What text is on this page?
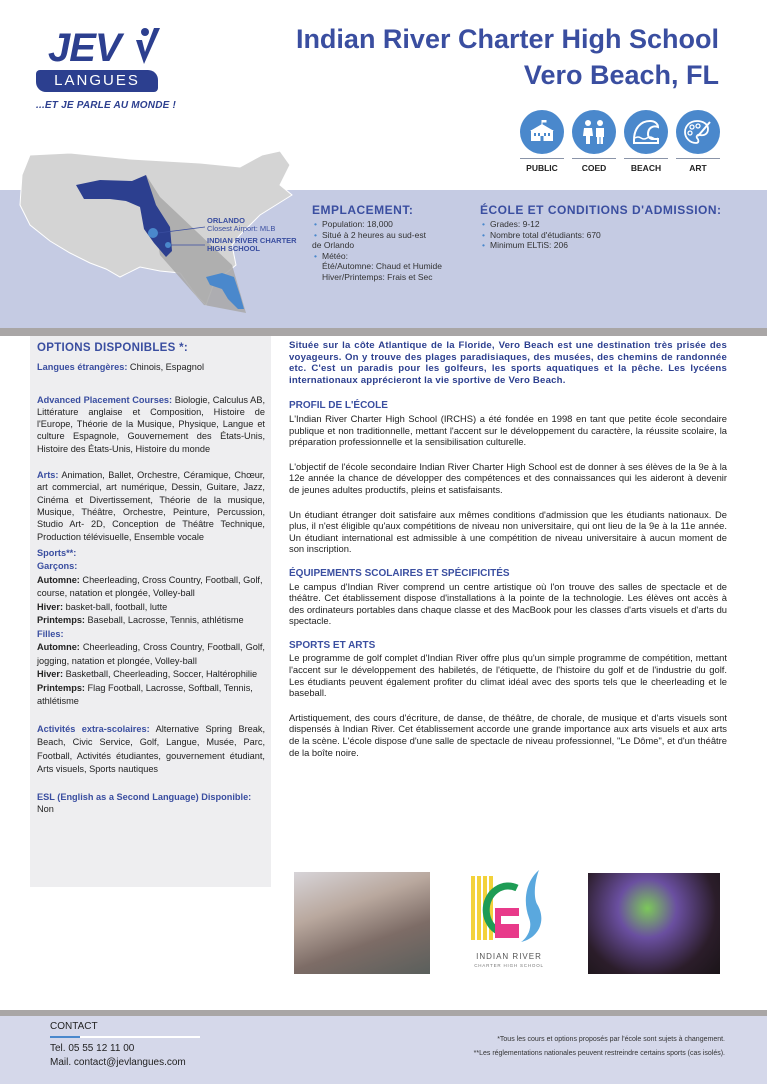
JEV
LANGUES
...ET JE PARLE AU MONDE !
Indian River Charter High School
Vero Beach, FL
PUBLIC	COED	BEACH	ART
ORLANDO
Closest Airport: MLB
INDIAN RIVER CHARTER
HIGH SCHOOL
EMPLACEMENT:
• Population: 18,000
• Situé à 2 heures au sud-est
de Orlando
• Météo:
Été/Automne: Chaud et Humide
Hiver/Printemps: Frais et Sec
ÉCOLE ET CONDITIONS D'ADMISSION:
• Grades: 9-12
• Nombre total d'étudiants: 670
• Minimum ELTiS: 206
OPTIONS DISPONIBLES *:
Langues étrangères: Chinois, Espagnol
Advanced Placement Courses: Biologie, Calculus AB, Littérature anglaise et Composition, Histoire de l'Europe, Théorie de la Musique, Physique, Langue et culture Espagnole, Gouvernement des États-Unis, Histoire des États-Unis, Histoire du monde
Arts: Animation, Ballet, Orchestre, Céramique, Chœur, art commercial, art numérique, Dessin, Guitare, Jazz, Cinéma et Divertissement, Théorie de la musique, Musique, Théâtre, Orchestre, Peinture, Percussion, Studio Art- 2D, Conception de Théâtre Technique, Production télévisuelle, Ensemble vocale
Sports**:
Garçons:
Automne: Cheerleading, Cross Country, Football, Golf, course, natation et plongée, Volley-ball
Hiver: basket-ball, football, lutte
Printemps: Baseball, Lacrosse, Tennis, athlétisme
Filles:
Automne: Cheerleading, Cross Country, Football, Golf, jogging, natation et plongée, Volley-ball
Hiver: Basketball, Cheerleading, Soccer, Haltérophilie
Printemps: Flag Football, Lacrosse, Softball, Tennis, athlétisme
Activités extra-scolaires: Alternative Spring Break, Beach, Civic Service, Golf, Langue, Musée, Parc, Football, Activités étudiantes, gouvernement étudiant, Arts visuels, Sports nautiques
ESL (English as a Second Language) Disponible:
Non
Située sur la côte Atlantique de la Floride, Vero Beach est une destination très prisée des voyageurs. On y trouve des plages paradisiaques, des musées, des chemins de randonnée etc. C'est un paradis pour les golfeurs, les sports aquatiques et la pêche. Les lycéens internationaux apprécieront la vie sportive de Vero Beach.
PROFIL DE L'ÉCOLE
L'Indian River Charter High School (IRCHS) a été fondée en 1998 en tant que petite école secondaire publique et non traditionnelle, mettant l'accent sur le développement du caractère, la réussite scolaire, la préparation professionnelle et la sensibilisation culturelle.
L'objectif de l'école secondaire Indian River Charter High School est de donner à ses élèves de la 9e à la 12e année la chance de développer des compétences et des connaissances qui les aideront à devenir de jeunes adultes productifs, pleins et satisfaisants.
Un étudiant étranger doit satisfaire aux mêmes conditions d'admission que les étudiants nationaux. De plus, il n'est éligible qu'aux compétitions de niveau non universitaire, qui ont lieu de la 9e à la 11e année. Un étudiant international est admissible à une compétition de niveau universitaire à aucun moment de son inscription.
ÉQUIPEMENTS SCOLAIRES ET SPÉCIFICITÉS
Le campus d'Indian River comprend un centre artistique où l'on trouve des salles de spectacle et de théâtre. Cet établissement dispose d'installations à la pointe de la technologie. Les élèves ont accès à des ordinateurs portables dans chaque classe et des MacBook pour les classes d'arts visuels et d'arts du spectacle.
SPORTS ET ARTS
Le programme de golf complet d'Indian River offre plus qu'un simple programme de compétition, mettant l'accent sur le développement des habiletés, de l'étiquette, de l'histoire du golf et de l'industrie du golf. Les étudiants peuvent également profiter du climat idéal avec des sports tels que le cheerleading et le baseball.
Artistiquement, des cours d'écriture, de danse, de théâtre, de chorale, de musique et d'arts visuels sont dispensés à Indian River. Cet établissement accorde une grande importance aux arts visuels et aux arts de la scène. L'école dispose d'une salle de spectacle de niveau professionnel, "Le Dôme", et d'un théâtre de la boîte noire.
INDIAN RIVER
CHARTER HIGH SCHOOL
CONTACT
Tel. 05 55 12 11 00
Mail. contact@jevlangues.com
*Tous les cours et options proposés par l'école sont sujets à changement.
**Les réglementations nationales peuvent restreindre certains sports (cas isolés).
